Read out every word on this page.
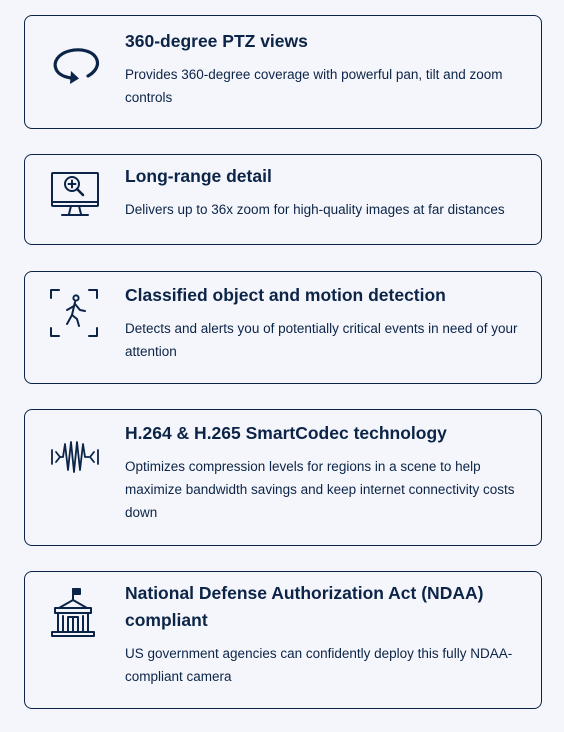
360-degree PTZ views

Provides 360-degree coverage with powerful pan, tilt and zoom controls

Long-range detail

Delivers up to 36x zoom for high-quality images at far distances

Classified object and motion detection

Detects and alerts you of potentially critical events in need of your attention

H.264 & H.265 SmartCodec technology

Optimizes compression levels for regions in a scene to help maximize bandwidth savings and keep internet connectivity costs down

National Defense Authorization Act (NDAA) compliant

US government agencies can confidently deploy this fully NDAA-compliant camera
